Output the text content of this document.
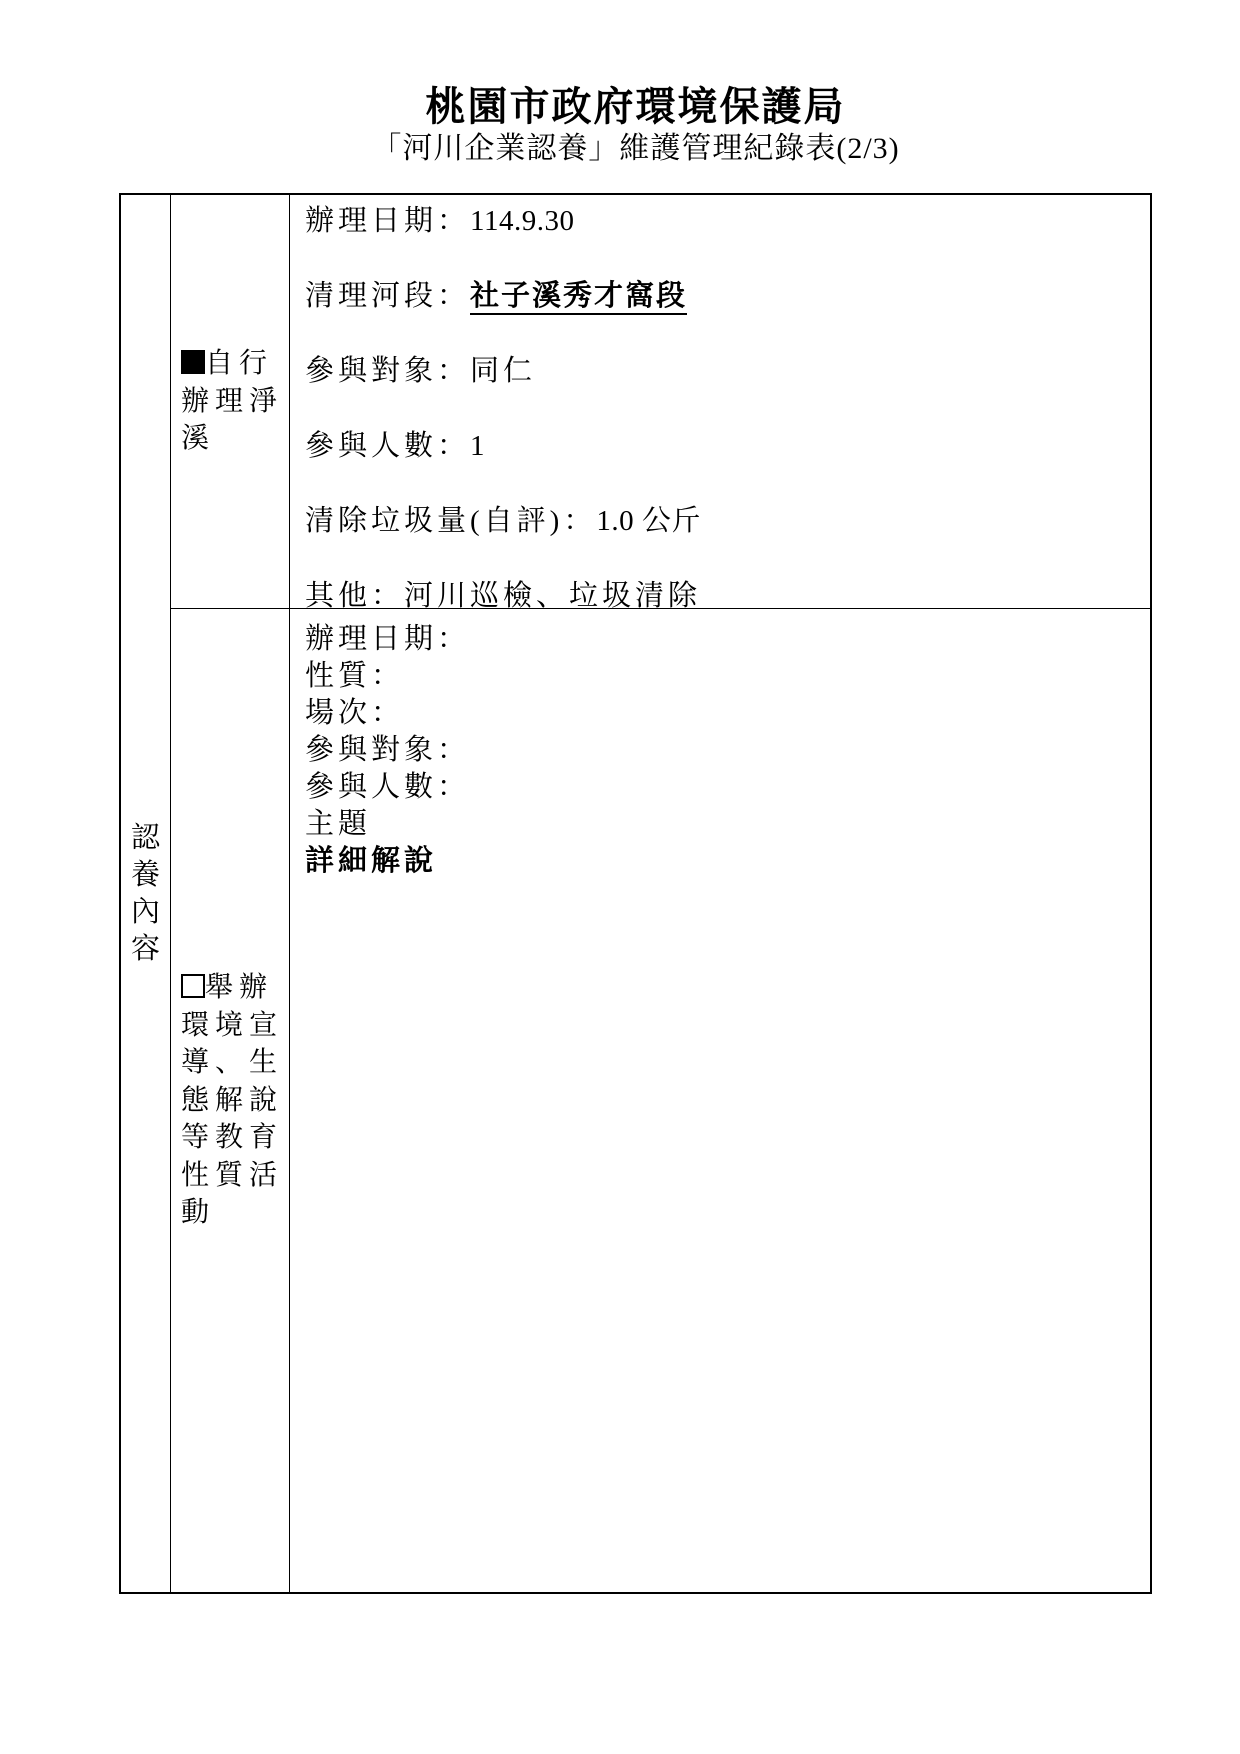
桃園市政府環境保護局
「河川企業認養」維護管理紀錄表(2/3)
認
養
內
容
自行
辦理淨
溪
辦理日期：114.9.30
清理河段：社子溪秀才窩段
參與對象：同仁
參與人數：1
清除垃圾量(自評)：1.0 公斤
其他：河川巡檢、垃圾清除
舉辦
環境宣
導、生
態解說
等教育
性質活
動
辦理日期：
性質：
場次：
參與對象：
參與人數：
主題
詳細解說
